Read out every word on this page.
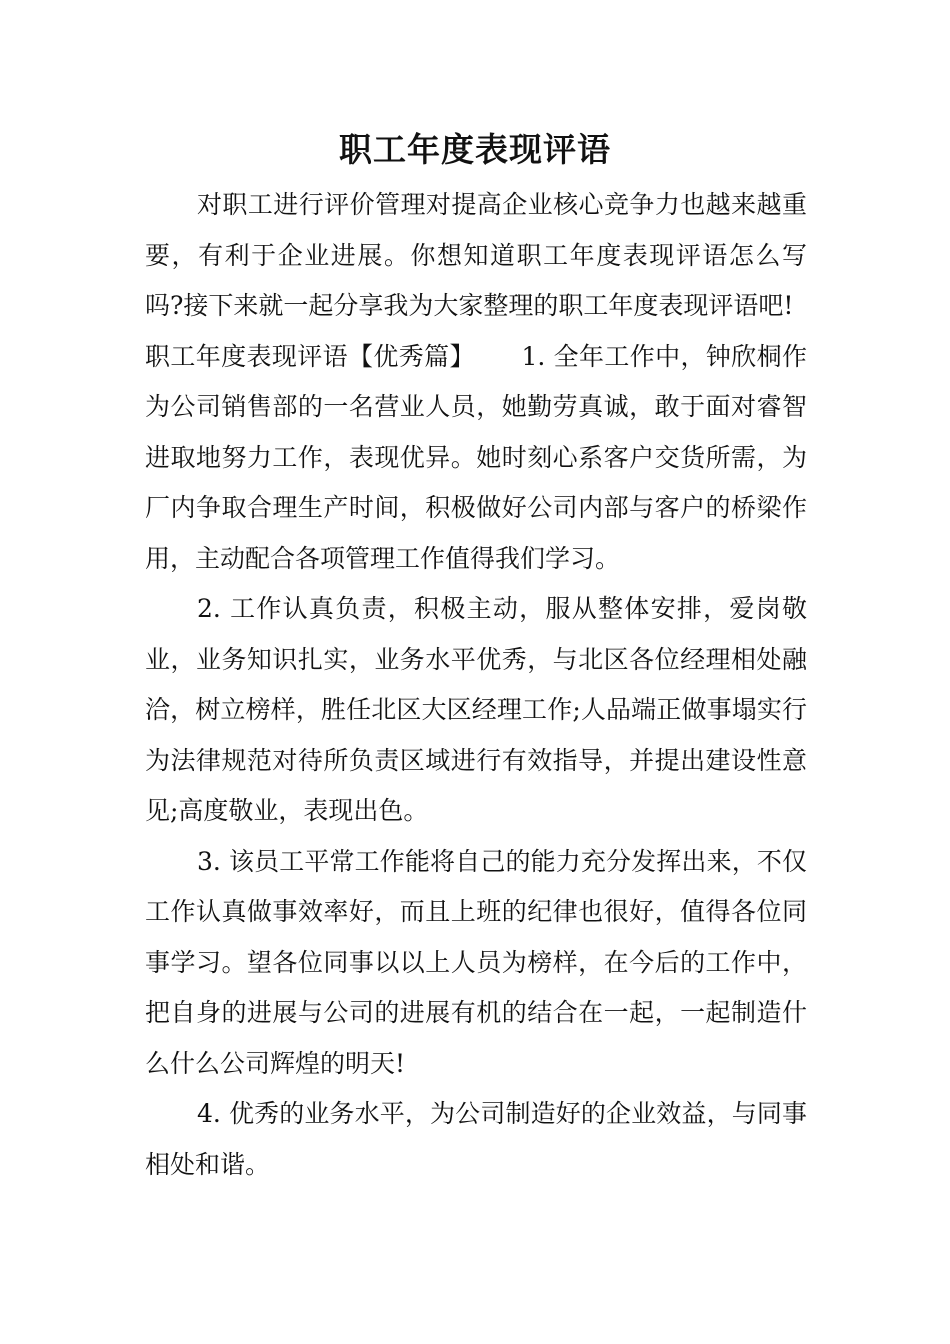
职工年度表现评语

对职工进行评价管理对提高企业核心竞争力也越来越重要，有利于企业进展。你想知道职工年度表现评语怎么写吗?接下来就一起分享我为大家整理的职工年度表现评语吧!

职工年度表现评语【优秀篇】　　 1. 全年工作中，钟欣桐作为公司销售部的一名营业人员，她勤劳真诚，敢于面对睿智进取地努力工作，表现优异。她时刻心系客户交货所需，为厂内争取合理生产时间，积极做好公司内部与客户的桥梁作用，主动配合各项管理工作值得我们学习。

2. 工作认真负责，积极主动，服从整体安排，爱岗敬业，业务知识扎实，业务水平优秀，与北区各位经理相处融洽，树立榜样，胜任北区大区经理工作;人品端正做事塌实行为法律规范对待所负责区域进行有效指导，并提出建设性意见;高度敬业，表现出色。

3. 该员工平常工作能将自己的能力充分发挥出来，不仅工作认真做事效率好，而且上班的纪律也很好，值得各位同事学习。望各位同事以以上人员为榜样，在今后的工作中，把自身的进展与公司的进展有机的结合在一起，一起制造什么什么公司辉煌的明天!

4. 优秀的业务水平，为公司制造好的企业效益，与同事相处和谐。
